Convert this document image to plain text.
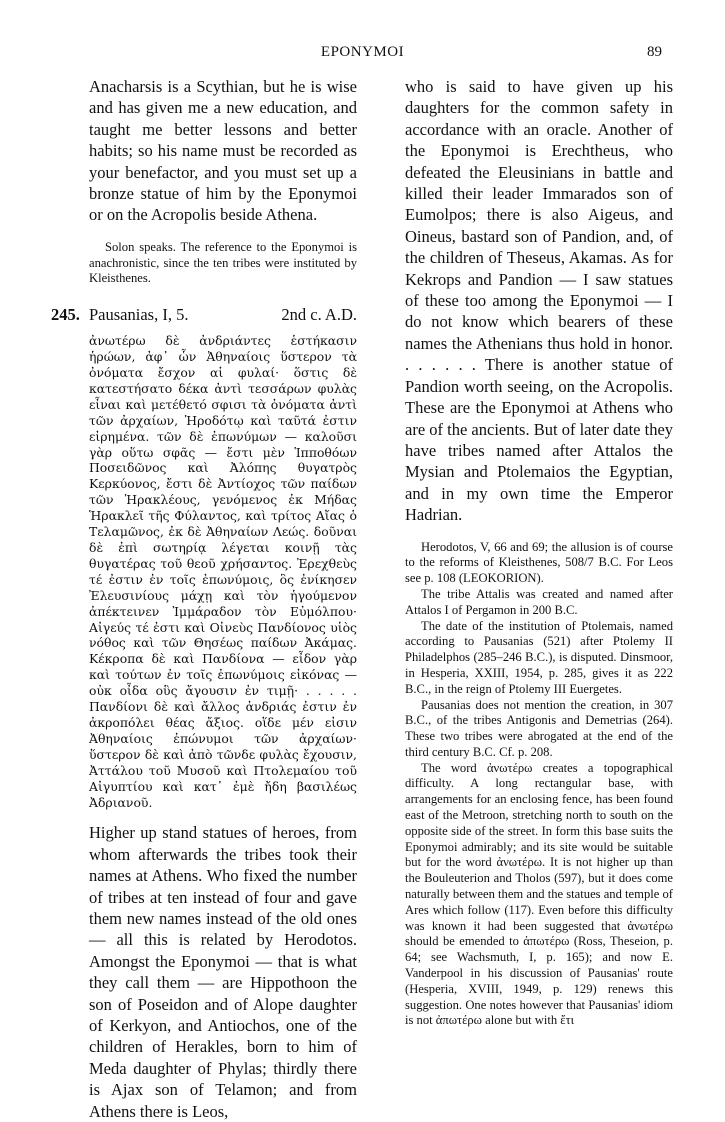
EPONYMOI	89

Anacharsis is a Scythian, but he is wise and has given me a new education, and taught me better lessons and better habits; so his name must be recorded as your benefactor, and you must set up a bronze statue of him by the Eponymoi or on the Acropolis beside Athena.

Solon speaks. The reference to the Eponymoi is anachronistic, since the ten tribes were instituted by Kleisthenes.

245. Pausanias, I, 5.	2nd c. A.D.

ἀνωτέρω δὲ ἀνδριάντες ἑστήκασιν ἡρώων, ἀφ᾽ ὧν Ἀθηναίοις ὕστερον τὰ ὀνόματα ἔσχον αἱ φυλαί· ὅστις δὲ κατεστήσατο δέκα ἀντὶ τεσσάρων φυλὰς εἶναι καὶ μετέθετό σφισι τὰ ὀνόματα ἀντὶ τῶν ἀρχαίων, Ἡροδότῳ καὶ ταῦτά ἐστιν εἰρημένα. τῶν δὲ ἐπωνύμων — καλοῦσι γὰρ οὕτω σφᾶς — ἔστι μὲν Ἱπποθόων Ποσειδῶνος καὶ Ἀλόπης θυγατρὸς Κερκύονος, ἔστι δὲ Ἀντίοχος τῶν παίδων τῶν Ἡρακλέους, γενόμενος ἐκ Μήδας Ἡρακλεῖ τῆς Φύλαντος, καὶ τρίτος Αἴας ὁ Τελαμῶνος, ἐκ δὲ Ἀθηναίων Λεώς. δοῦναι δὲ ἐπὶ σωτηρίᾳ λέγεται κοινῇ τὰς θυγατέρας τοῦ θεοῦ χρήσαντος. Ἐρεχθεὺς τέ ἐστιν ἐν τοῖς ἐπωνύμοις, ὃς ἐνίκησεν Ἐλευσινίους μάχῃ καὶ τὸν ἡγούμενον ἀπέκτεινεν Ἰμμάραδον τὸν Εὐμόλπου· Αἰγεύς τέ ἐστι καὶ Οἰνεὺς Πανδίονος υἱὸς νόθος καὶ τῶν Θησέως παίδων Ἀκάμας. Κέκροπα δὲ καὶ Πανδίονα — εἶδον γὰρ καὶ τούτων ἐν τοῖς ἐπωνύμοις εἰκόνας — οὐκ οἶδα οὓς ἄγουσιν ἐν τιμῇ· . . . . . Πανδίονι δὲ καὶ ἄλλος ἀνδριάς ἐστιν ἐν ἀκροπόλει θέας ἄξιος. οἵδε μέν εἰσιν Ἀθηναίοις ἐπώνυμοι τῶν ἀρχαίων· ὕστερον δὲ καὶ ἀπὸ τῶνδε φυλὰς ἔχουσιν, Ἀττάλου τοῦ Μυσοῦ καὶ Πτολεμαίου τοῦ Αἰγυπτίου καὶ κατ᾽ ἐμὲ ἤδη βασιλέως Ἀδριανοῦ.

Higher up stand statues of heroes, from whom afterwards the tribes took their names at Athens. Who fixed the number of tribes at ten instead of four and gave them new names instead of the old ones — all this is related by Herodotos. Amongst the Eponymoi — that is what they call them — are Hippothoon the son of Poseidon and of Alope daughter of Kerkyon, and Antiochos, one of the children of Herakles, born to him of Meda daughter of Phylas; thirdly there is Ajax son of Telamon; and from Athens there is Leos,

who is said to have given up his daughters for the common safety in accordance with an oracle. Another of the Eponymoi is Erechtheus, who defeated the Eleusinians in battle and killed their leader Immarados son of Eumolpos; there is also Aigeus, and Oineus, bastard son of Pandion, and, of the children of Theseus, Akamas. As for Kekrops and Pandion — I saw statues of these too among the Eponymoi — I do not know which bearers of these names the Athenians thus hold in honor. . . . . . . There is another statue of Pandion worth seeing, on the Acropolis. These are the Eponymoi at Athens who are of the ancients. But of later date they have tribes named after Attalos the Mysian and Ptolemaios the Egyptian, and in my own time the Emperor Hadrian.

Herodotos, V, 66 and 69; the allusion is of course to the reforms of Kleisthenes, 508/7 B.C. For Leos see p. 108 (LEOKORION).

The tribe Attalis was created and named after Attalos I of Pergamon in 200 B.C.

The date of the institution of Ptolemais, named according to Pausanias (521) after Ptolemy II Philadelphos (285–246 B.C.), is disputed. Dinsmoor, in Hesperia, XXIII, 1954, p. 285, gives it as 222 B.C., in the reign of Ptolemy III Euergetes.

Pausanias does not mention the creation, in 307 B.C., of the tribes Antigonis and Demetrias (264). These two tribes were abrogated at the end of the third century B.C. Cf. p. 208.

The word ἀνωτέρω creates a topographical difficulty. A long rectangular base, with arrangements for an enclosing fence, has been found east of the Metroon, stretching north to south on the opposite side of the street. In form this base suits the Eponymoi admirably; and its site would be suitable but for the word ἀνωτέρω. It is not higher up than the Bouleuterion and Tholos (597), but it does come naturally between them and the statues and temple of Ares which follow (117). Even before this difficulty was known it had been suggested that ἀνωτέρω should be emended to ἀπωτέρω (Ross, Theseion, p. 64; see Wachsmuth, I, p. 165); and now E. Vanderpool in his discussion of Pausanias' route (Hesperia, XVIII, 1949, p. 129) renews this suggestion. One notes however that Pausanias' idiom is not ἀπωτέρω alone but with ἔτι
